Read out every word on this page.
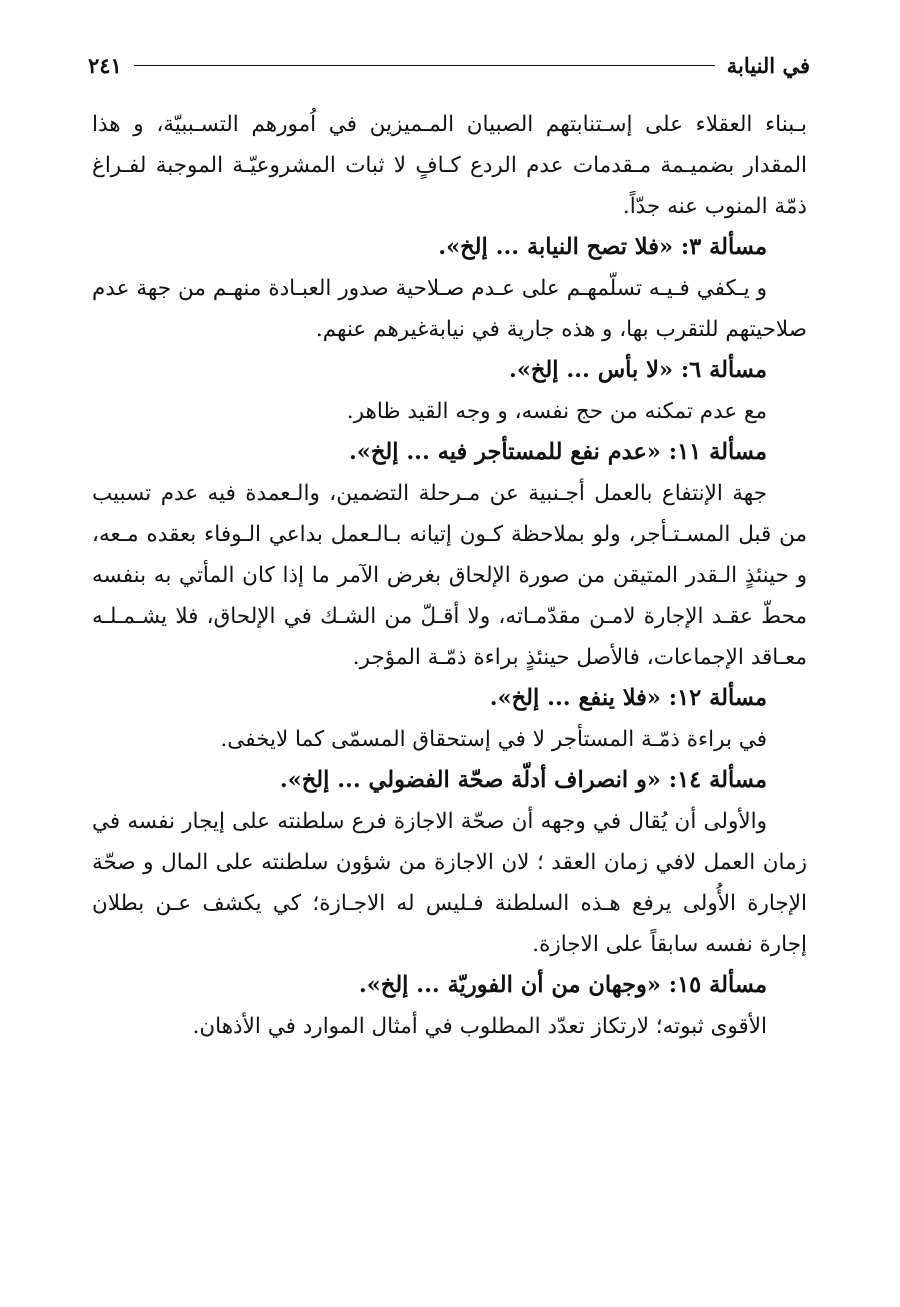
في النيابة
٢٤١

بـبناء العقلاء على إسـتنابتهم الصبيان المـميزين في اُمورهم التسـببيّة، و هذا المقدار بضميـمة مـقدمات عدم الردع كـافٍ لا ثبات المشروعيّـة الموجبة لفـراغ ذمّة المنوب عنه جدّاً.

مسألة ٣: «فلا تصح النيابة ... إلخ».

و يـكفي فـيـه تسلّمهـم على عـدم صـلاحية صدور العبـادة منهـم من جهة عدم صلاحيتهم للتقرب بها، و هذه جارية في نيابةغيرهم عنهم.

مسألة ٦: «لا بأس ... إلخ».

مع عدم تمكنه من حج نفسه، و وجه القيد ظاهر.

مسألة ١١: «عدم نفع للمستأجر فيه ... إلخ».

جهة الإنتفاع بالعمل أجـنبية عن مـرحلة التضمين، والـعمدة فيه عدم تسبيب من قبل المسـتـأجر، ولو بملاحظة كـون إتيانه بـالـعمل بداعي الـوفاء بعقده مـعه، و حينئذٍ الـقدر المتيقن من صورة الإلحاق بغرض الآمر ما إذا كان المأتي به بنفسه محطّ عقـد الإجارة لامـن مقدّمـاته، ولا أقـلّ من الشـك في الإلحاق، فلا يشـمـلـه معـاقد الإجماعات، فالأصل حينئذٍ براءة ذمّـة المؤجر.

مسألة ١٢: «فلا ينفع ... إلخ».

في براءة ذمّـة المستأجر لا في إستحقاق المسمّى كما لايخفى.

مسألة ١٤: «و انصراف أدلّة صحّة الفضولي ... إلخ».

والأولى أن يُقال في وجهه أن صحّة الاجازة فرع سلطنته على إيجار نفسه في زمان العمل لافي زمان العقد ؛ لان الاجازة من شؤون سلطنته على المال و صحّة الإجارة الأُولى يرفع هـذه السلطنة فـليس له الاجـازة؛ كي يكشف عـن بطلان إجارة نفسه سابقاً على الاجازة.

مسألة ١٥: «وجهان من أن الفوريّة ... إلخ».

الأقوى ثبوته؛ لارتكاز تعدّد المطلوب في أمثال الموارد في الأذهان.
